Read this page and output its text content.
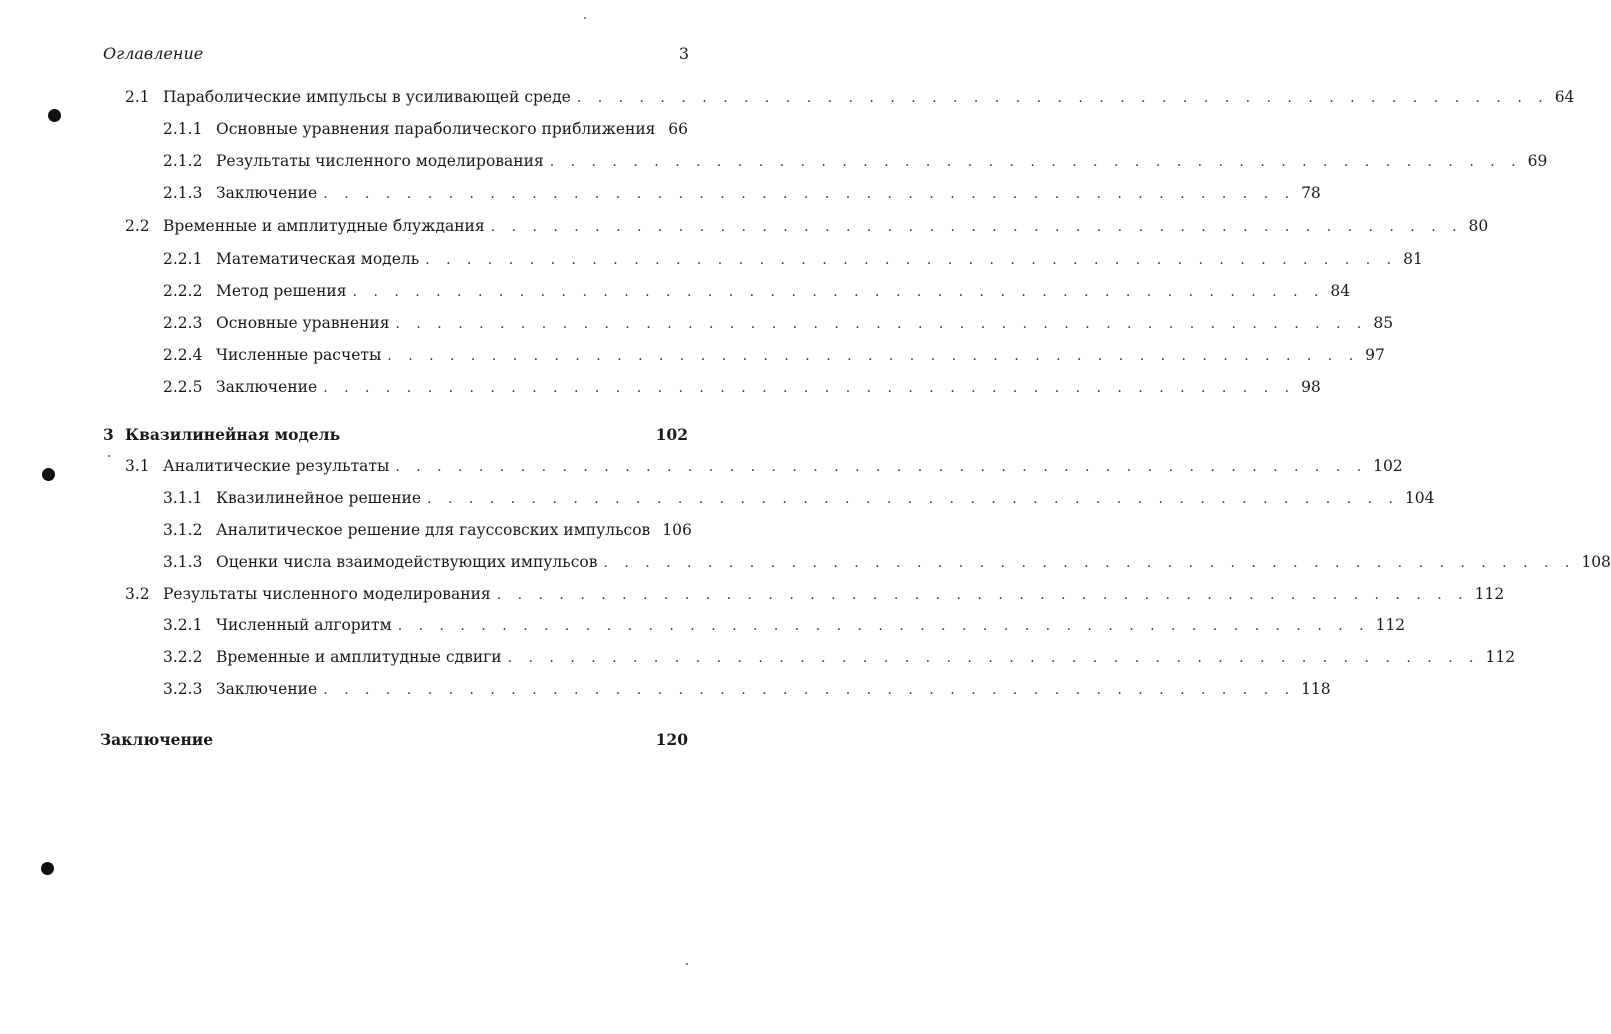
Оглавление	3
2.1 Параболические импульсы в усиливающей среде . . . . . . . . . . . . . . . . . . . . . . . . . . . . . . . . . . . . . . . . . . . . . . . 64
2.1.1 Основные уравнения параболического приближения 66
2.1.2 Результаты численного моделирования . . . . . . . . . . . . . . . . . . . . . . . . . . . . . . . . . . . . . . . . . . . . . . . 69
2.1.3 Заключение . . . . . . . . . . . . . . . . . . . . . . . . . . . . . . . . . . . . . . . . . . . . . . . 78
2.2 Временные и амплитудные блуждания . . . . . . . . . . . . . . . . . . . . . . . . . . . . . . . . . . . . . . . . . . . . . . . 80
2.2.1 Математическая модель . . . . . . . . . . . . . . . . . . . . . . . . . . . . . . . . . . . . . . . . . . . . . . . 81
2.2.2 Метод решения . . . . . . . . . . . . . . . . . . . . . . . . . . . . . . . . . . . . . . . . . . . . . . . 84
2.2.3 Основные уравнения . . . . . . . . . . . . . . . . . . . . . . . . . . . . . . . . . . . . . . . . . . . . . . . 85
2.2.4 Численные расчеты . . . . . . . . . . . . . . . . . . . . . . . . . . . . . . . . . . . . . . . . . . . . . . . 97
2.2.5 Заключение . . . . . . . . . . . . . . . . . . . . . . . . . . . . . . . . . . . . . . . . . . . . . . . 98
3 Квазилинейная модель	102
3.1 Аналитические результаты . . . . . . . . . . . . . . . . . . . . . . . . . . . . . . . . . . . . . . . . . . . . . . . 102
3.1.1 Квазилинейное решение . . . . . . . . . . . . . . . . . . . . . . . . . . . . . . . . . . . . . . . . . . . . . . . 104
3.1.2 Аналитическое решение для гауссовских импульсов 106
3.1.3 Оценки числа взаимодействующих импульсов . . . . . . . . . . . . . . . . . . . . . . . . . . . . . . . . . . . . . . . . . . . . . . . 108
3.2 Результаты численного моделирования . . . . . . . . . . . . . . . . . . . . . . . . . . . . . . . . . . . . . . . . . . . . . . . 112
3.2.1 Численный алгоритм . . . . . . . . . . . . . . . . . . . . . . . . . . . . . . . . . . . . . . . . . . . . . . . 112
3.2.2 Временные и амплитудные сдвиги . . . . . . . . . . . . . . . . . . . . . . . . . . . . . . . . . . . . . . . . . . . . . . . 112
3.2.3 Заключение . . . . . . . . . . . . . . . . . . . . . . . . . . . . . . . . . . . . . . . . . . . . . . . 118
Заключение	120
